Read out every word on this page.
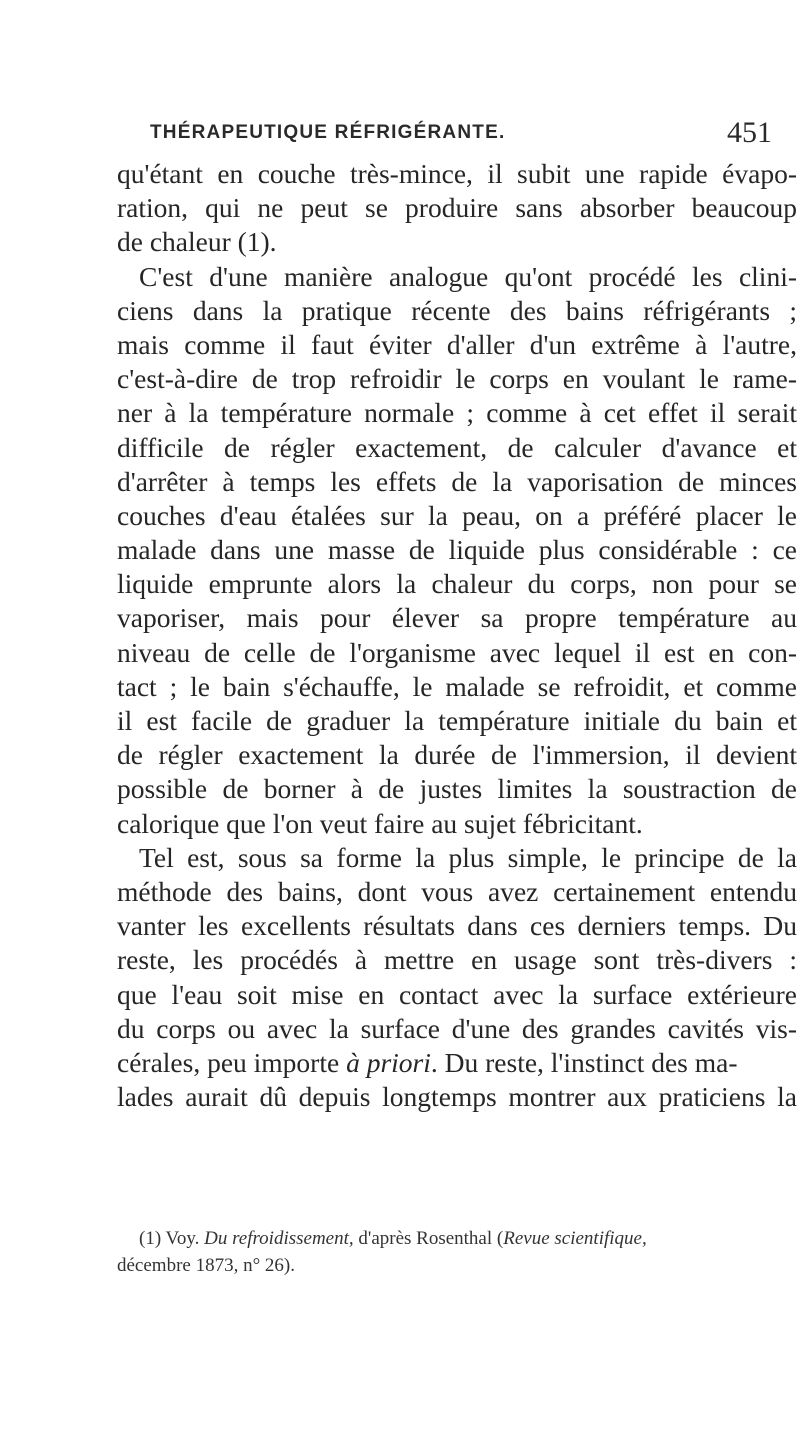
THÉRAPEUTIQUE RÉFRIGÉRANTE.	451
qu'étant en couche très-mince, il subit une rapide évapo-
ration, qui ne peut se produire sans absorber beaucoup
de chaleur (1).
C'est d'une manière analogue qu'ont procédé les clini-
ciens dans la pratique récente des bains réfrigérants ;
mais comme il faut éviter d'aller d'un extrême à l'autre,
c'est-à-dire de trop refroidir le corps en voulant le rame-
ner à la température normale ; comme à cet effet il serait
difficile de régler exactement, de calculer d'avance et
d'arrêter à temps les effets de la vaporisation de minces
couches d'eau étalées sur la peau, on a préféré placer le
malade dans une masse de liquide plus considérable : ce
liquide emprunte alors la chaleur du corps, non pour se
vaporiser, mais pour élever sa propre température au
niveau de celle de l'organisme avec lequel il est en con-
tact ; le bain s'échauffe, le malade se refroidit, et comme
il est facile de graduer la température initiale du bain et
de régler exactement la durée de l'immersion, il devient
possible de borner à de justes limites la soustraction de
calorique que l'on veut faire au sujet fébricitant.
Tel est, sous sa forme la plus simple, le principe de la
méthode des bains, dont vous avez certainement entendu
vanter les excellents résultats dans ces derniers temps. Du
reste, les procédés à mettre en usage sont très-divers :
que l'eau soit mise en contact avec la surface extérieure
du corps ou avec la surface d'une des grandes cavités vis-
cérales, peu importe à priori. Du reste, l'instinct des ma-
lades aurait dû depuis longtemps montrer aux praticiens la
(1) Voy. Du refroidissement, d'après Rosenthal (Revue scientifique,
décembre 1873, n° 26).
